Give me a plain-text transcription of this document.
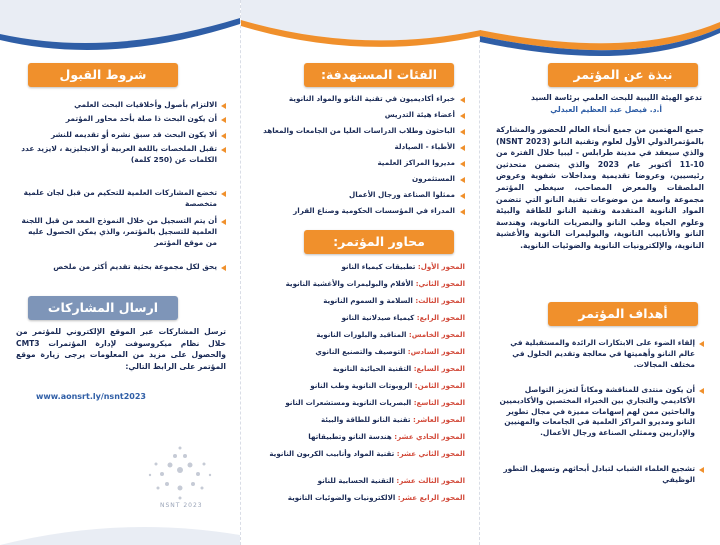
نبذة عن المؤتمر
تدعو الهيئة الليبية للبحث العلمي برئاسة السيد
أ.د. فيصل عبد العظيم العبدلي
جميع المهتمين من جميع أنحاء العالم للحضور والمشاركة بالمؤتمرالدولي الأول لعلوم وتقنية النانو (NSNT 2023) والذي سيعقد في مدينة طرابلس - ليبيا خلال الفترة من 10-11 أكتوبر عام 2023 والذي يتضمن متحدثين رئيسيين، وعروضا تقديمية ومداخلات شفوية وعروض الملصقات والمعرض المصاحب، سيغطي المؤتمر مجموعة واسعة من موضوعات تقنية النانو التي تتضمن المواد النانوية المتقدمة وتقنية النانو للطاقة والبيئة وعلوم الحياة وطب النانو والبصريات النانوية، وهندسة النانو والأنابيب النانوية، والبوليمرات النانوية والأغشية النانوية، والإلكترونيات النانوية والضوئيات النانوية.
أهداف المؤتمر
إلقاء الضوء على الابتكارات الرائدة والمستقبلية في عالم النانو وأهميتها في معالجة وتقديم الحلول في مختلف المجالات.
أن يكون منتدى للمناقشة ومكاناً لتعزيز التواصل الأكاديمي والتجاري بين الخبراء المختصين والأكاديميين والباحثين ممن لهم إسهامات مميزة في مجال تطوير النانو ومديرو المراكز العلمية في الجامعات والمهنيين والإداريين وممثلي الصناعة ورجال الأعمال.
تشجيع العلماء الشباب لتبادل أبحاثهم وتسهيل التطور الوظيفي
الفئات المستهدفة:
خبراء أكاديميون في تقنية النانو والمواد النانوية
أعضاء هيئة التدريس
الباحثون وطلاب الدراسات العليا من الجامعات والمعاهد
الأطباء - الصيادلة
مديروا المراكز العلمية
المستثمرون
ممثلوا الصناعة ورجال الأعمال
المدراء في المؤسسات الحكومية وصناع القرار
محاور المؤتمر:
المحور الأول: تطبيقات كيمياء النانو
المحور الثاني: الأفلام والبوليمرات والأغشية النانوية
المحور الثالث: السلامة و السموم النانوية
المحور الرابع: كيمياء صيدلانية النانو
المحور الخامس: المناقيد والبلورات النانوية
المحور السادس: التوصيف والتصنيع النانوي
المحور السابع: التقنية الحيائية النانوية
المحور الثامن: الروبوتات النانوية وطب النانو
المحور التاسع: البصريات النانوية ومستشعرات النانو
المحور العاشر: تقنية النانو للطاقة والبيئة
المحور الحادي عشر: هندسة النانو وتطبيقاتها
المحور الثاني عشر: تقنية المواد وأنابيب الكربون النانوية
المحور الثالث عشر: التقنية الحسابية للنانو
المحور الرابع عشر: الالكترونيات والضوئيات النانوية
شروط القبول
الالتزام بأصول وأخلاقيات البحث العلمي
أن يكون البحث ذا صلة بأحد محاور المؤتمر
ألا يكون البحث قد سبق نشره أو تقديمه للنشر
تقبل الملخصات باللغة العربية أو الانجليزية ، لايزيد عدد الكلمات عن (250 كلمة)
تخضع المشاركات العلمية للتحكيم من قبل لجان علمية متخصصة
أن يتم التسجيل من خلال النموذج المعد من قبل اللجنة العلمية للتسجيل بالمؤتمر، والذي يمكن الحصول عليه من موقع المؤتمر
يحق لكل مجموعة بحثية تقديم أكثر من ملخص
ارسال المشاركات
ترسل المشاركات عبر الموقع الإلكتروني للمؤتمر من خلال نظام ميكروسوفت لإدارة المؤتمرات CMT3 والحصول على مزيد من المعلومات يرجى زيارة موقع المؤتمر على الرابط التالي:
www.aonsrt.ly/nsnt2023
NSNT 2023
